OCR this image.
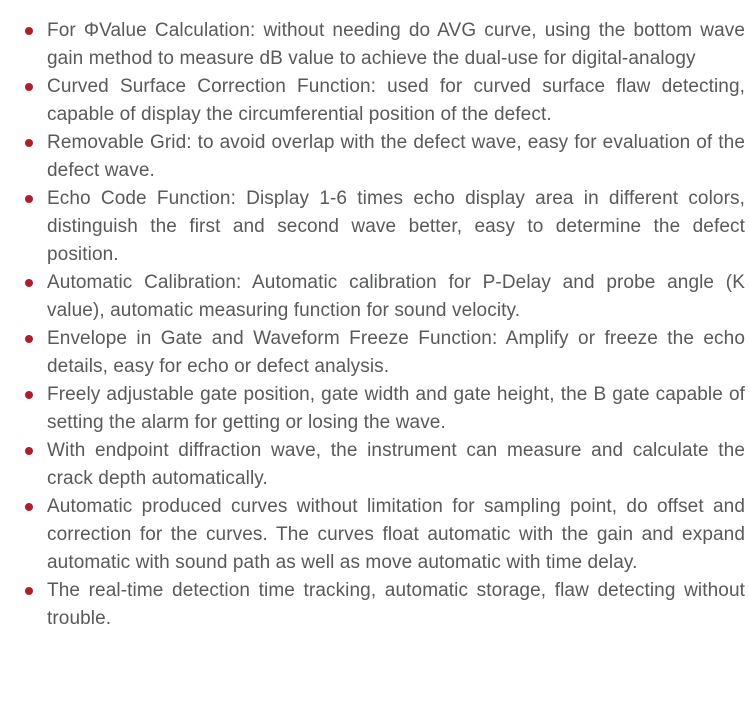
For ΦValue Calculation: without needing do AVG curve, using the bottom wave gain method to measure dB value to achieve the dual-use for digital-analogy
Curved Surface Correction Function: used for curved surface flaw detecting, capable of display the circumferential position of the defect.
Removable Grid: to avoid overlap with the defect wave, easy for evaluation of the defect wave.
Echo Code Function: Display 1-6 times echo display area in different colors, distinguish the first and second wave better, easy to determine the defect position.
Automatic Calibration: Automatic calibration for P-Delay and probe angle (K value), automatic measuring function for sound velocity.
Envelope in Gate and Waveform Freeze Function: Amplify or freeze the echo details, easy for echo or defect analysis.
Freely adjustable gate position, gate width and gate height, the B gate capable of setting the alarm for getting or losing the wave.
With endpoint diffraction wave, the instrument can measure and calculate the crack depth automatically.
Automatic produced curves without limitation for sampling point, do offset and correction for the curves. The curves float automatic with the gain and expand automatic with sound path as well as move automatic with time delay.
The real-time detection time tracking, automatic storage, flaw detecting without trouble.
